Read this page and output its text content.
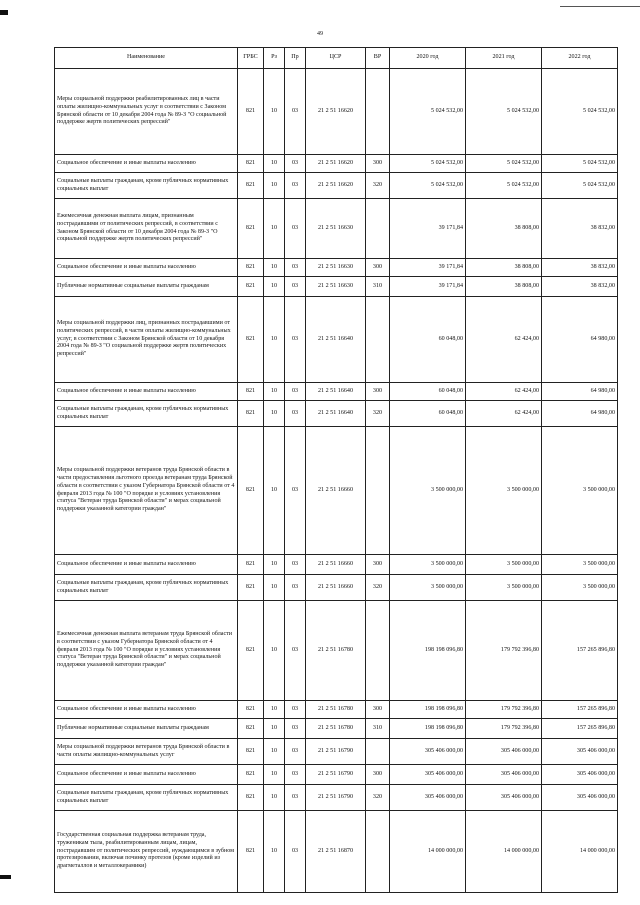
49
Наименование	ГРБС	Рз	Пр	ЦСР	ВР	2020 год	2021 год	2022 год
Меры социальной поддержки реабилитированных лиц в части оплаты жилищно-коммунальных услуг в соответствии с Законом Брянской области от 10 декабря 2004 года № 89-З "О социальной поддержке жертв политических репрессий"	821	10	03	21 2 51 16620		5 024 532,00	5 024 532,00	5 024 532,00
Социальное обеспечение и иные выплаты населению	821	10	03	21 2 51 16620	300	5 024 532,00	5 024 532,00	5 024 532,00
Социальные выплаты гражданам, кроме публичных нормативных социальных выплат	821	10	03	21 2 51 16620	320	5 024 532,00	5 024 532,00	5 024 532,00
Ежемесячная денежная выплата лицам, признанным пострадавшими от политических репрессий, в соответствии с Законом Брянской области от 10 декабря 2004 года № 89-З "О социальной поддержке жертв политических репрессий"	821	10	03	21 2 51 16630		39 171,84	38 808,00	38 832,00
Социальное обеспечение и иные выплаты населению	821	10	03	21 2 51 16630	300	39 171,84	38 808,00	38 832,00
Публичные нормативные социальные выплаты гражданам	821	10	03	21 2 51 16630	310	39 171,84	38 808,00	38 832,00
Меры социальной поддержки лиц, признанных пострадавшими от политических репрессий, в части оплаты жилищно-коммунальных услуг, в соответствии с Законом Брянской области от 10 декабря 2004 года № 89-З "О социальной поддержке жертв политических репрессий"	821	10	03	21 2 51 16640		60 048,00	62 424,00	64 980,00
Социальное обеспечение и иные выплаты населению	821	10	03	21 2 51 16640	300	60 048,00	62 424,00	64 980,00
Социальные выплаты гражданам, кроме публичных нормативных социальных выплат	821	10	03	21 2 51 16640	320	60 048,00	62 424,00	64 980,00
Меры социальной поддержки ветеранов труда Брянской области в части предоставления льготного проезда ветеранам труда Брянской области в соответствии с указом Губернатора Брянской области от 4 февраля 2013 года № 100 "О порядке и условиях установления статуса "Ветеран труда Брянской области" и мерах социальной поддержки указанной категории граждан"	821	10	03	21 2 51 16660		3 500 000,00	3 500 000,00	3 500 000,00
Социальное обеспечение и иные выплаты населению	821	10	03	21 2 51 16660	300	3 500 000,00	3 500 000,00	3 500 000,00
Социальные выплаты гражданам, кроме публичных нормативных социальных выплат	821	10	03	21 2 51 16660	320	3 500 000,00	3 500 000,00	3 500 000,00
Ежемесячная денежная выплата ветеранам труда Брянской области в соответствии с указом Губернатора Брянской области от 4 февраля 2013 года № 100 "О порядке и условиях установления статуса "Ветеран труда Брянской области" и мерах социальной поддержки указанной категории граждан"	821	10	03	21 2 51 16780		198 198 096,80	179 792 396,80	157 265 896,80
Социальное обеспечение и иные выплаты населению	821	10	03	21 2 51 16780	300	198 198 096,80	179 792 396,80	157 265 896,80
Публичные нормативные социальные выплаты гражданам	821	10	03	21 2 51 16780	310	198 198 096,80	179 792 396,80	157 265 896,80
Меры социальной поддержки ветеранов труда Брянской области в части оплаты жилищно-коммунальных услуг	821	10	03	21 2 51 16790		305 406 000,00	305 406 000,00	305 406 000,00
Социальное обеспечение и иные выплаты населению	821	10	03	21 2 51 16790	300	305 406 000,00	305 406 000,00	305 406 000,00
Социальные выплаты гражданам, кроме публичных нормативных социальных выплат	821	10	03	21 2 51 16790	320	305 406 000,00	305 406 000,00	305 406 000,00
Государственная социальная поддержка ветеранам труда, труженикам тыла, реабилитированным лицам, лицам, пострадавшим от политических репрессий, нуждающимся в зубном протезировании, включая починку протезов (кроме изделий из драгметаллов и металлокерамики)	821	10	03	21 2 51 16870		14 000 000,00	14 000 000,00	14 000 000,00
